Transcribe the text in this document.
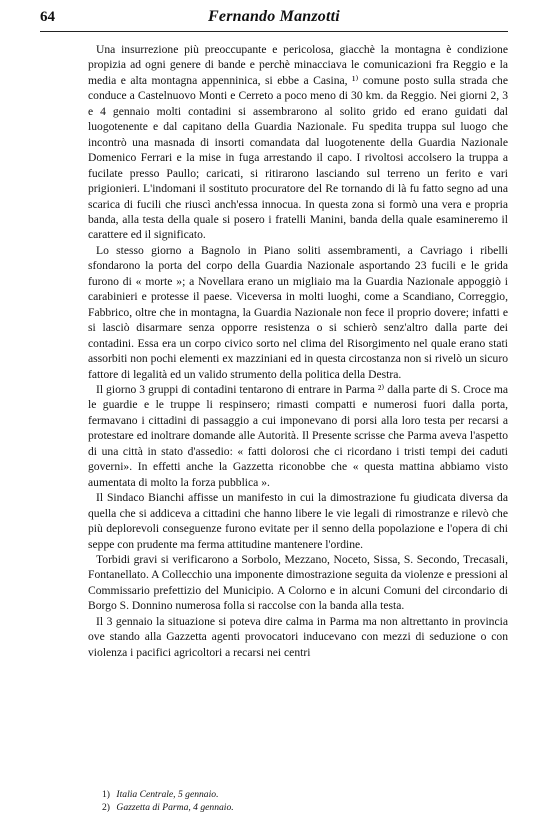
64	Fernando Manzotti

Una insurrezione più preoccupante e pericolosa, giacchè la montagna è condizione propizia ad ogni genere di bande e perchè minacciava le comunicazioni fra Reggio e la media e alta montagna appenninica, si ebbe a Casina, ¹⁾ comune posto sulla strada che conduce a Castelnuovo Monti e Cerreto a poco meno di 30 km. da Reggio. Nei giorni 2, 3 e 4 gennaio molti contadini si assembrarono al solito grido ed erano guidati dal luogotenente e dal capitano della Guardia Nazionale. Fu spedita truppa sul luogo che incontrò una masnada di insorti comandata dal luogotenente della Guardia Nazionale Domenico Ferrari e la mise in fuga arrestando il capo. I rivoltosi accolsero la truppa a fucilate presso Paullo; caricati, si ritirarono lasciando sul terreno un ferito e vari prigionieri. L'indomani il sostituto procuratore del Re tornando di là fu fatto segno ad una scarica di fucili che riuscì anch'essa innocua. In questa zona si formò una vera e propria banda, alla testa della quale si posero i fratelli Manini, banda della quale esamineremo il carattere ed il significato.

Lo stesso giorno a Bagnolo in Piano soliti assembramenti, a Cavriago i ribelli sfondarono la porta del corpo della Guardia Nazionale asportando 23 fucili e le grida furono di « morte »; a Novellara erano un migliaio ma la Guardia Nazionale appoggiò i carabinieri e protesse il paese. Viceversa in molti luoghi, come a Scandiano, Correggio, Fabbrico, oltre che in montagna, la Guardia Nazionale non fece il proprio dovere; infatti e si lasciò disarmare senza opporre resistenza o si schierò senz'altro dalla parte dei contadini. Essa era un corpo civico sorto nel clima del Risorgimento nel quale erano stati assorbiti non pochi elementi ex mazziniani ed in questa circostanza non si rivelò un sicuro fattore di legalità ed un valido strumento della politica della Destra.

Il giorno 3 gruppi di contadini tentarono di entrare in Parma ²⁾ dalla parte di S. Croce ma le guardie e le truppe li respinsero; rimasti compatti e numerosi fuori dalla porta, fermavano i cittadini di passaggio a cui imponevano di porsi alla loro testa per recarsi a protestare ed inoltrare domande alle Autorità. Il Presente scrisse che Parma aveva l'aspetto di una città in stato d'assedio: « fatti dolorosi che ci ricordano i tristi tempi dei caduti governi». In effetti anche la Gazzetta riconobbe che « questa mattina abbiamo visto aumentata di molto la forza pubblica ».

Il Sindaco Bianchi affisse un manifesto in cui la dimostrazione fu giudicata diversa da quella che si addiceva a cittadini che hanno libere le vie legali di rimostranze e rilevò che più deplorevoli conseguenze furono evitate per il senno della popolazione e l'opera di chi seppe con prudente ma ferma attitudine mantenere l'ordine.

Torbidi gravi si verificarono a Sorbolo, Mezzano, Noceto, Sissa, S. Secondo, Trecasali, Fontanellato. A Collecchio una imponente dimostrazione seguita da violenze e pressioni al Commissario prefettizio del Municipio. A Colorno e in alcuni Comuni del circondario di Borgo S. Donnino numerosa folla si raccolse con la banda alla testa.

Il 3 gennaio la situazione si poteva dire calma in Parma ma non altrettanto in provincia ove stando alla Gazzetta agenti provocatori inducevano con mezzi di seduzione o con violenza i pacifici agricoltori a recarsi nei centri

1) Italia Centrale, 5 gennaio.
2) Gazzetta di Parma, 4 gennaio.
